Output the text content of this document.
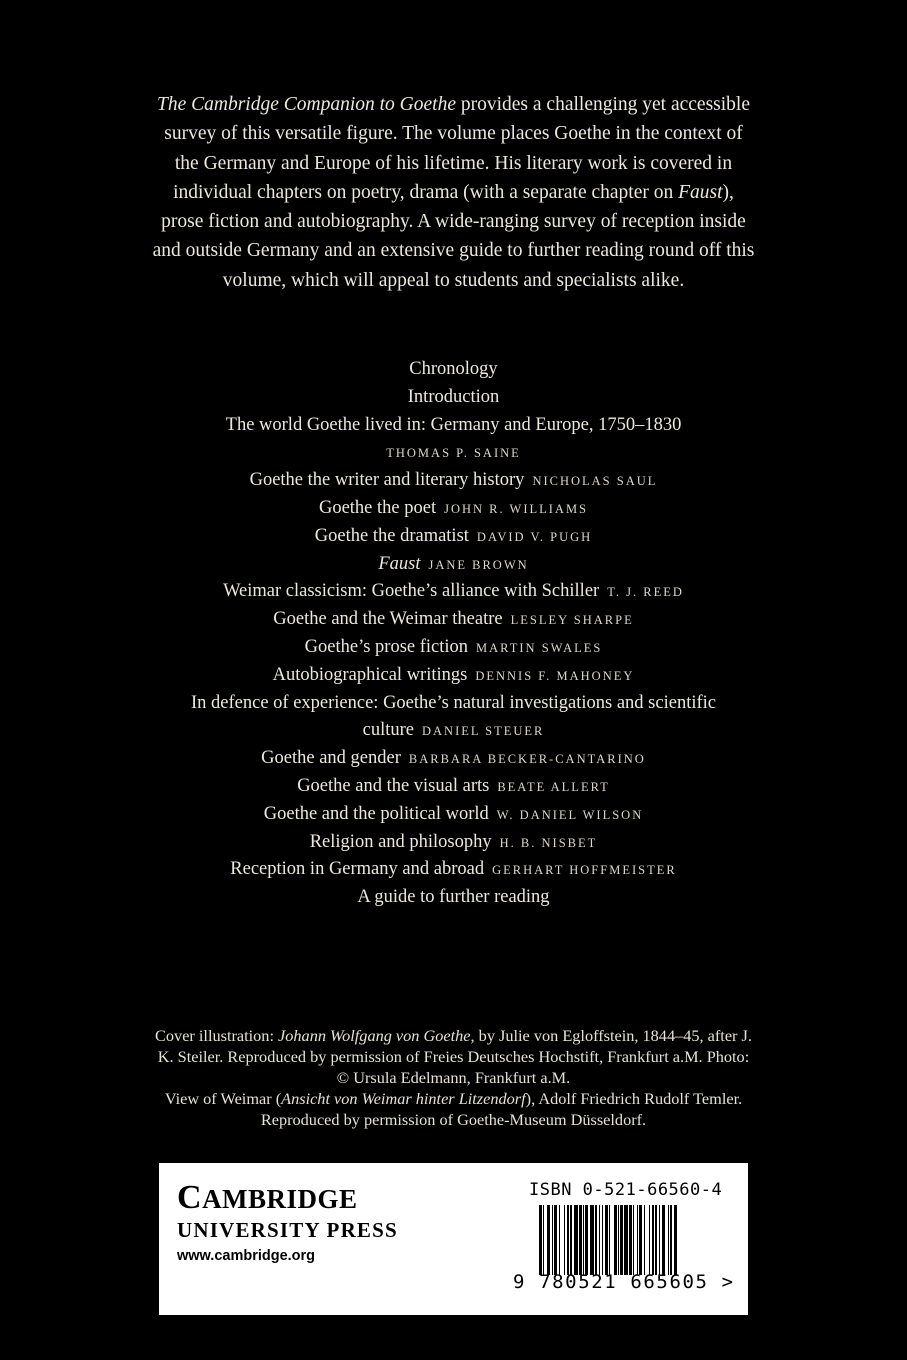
The Cambridge Companion to Goethe provides a challenging yet accessible survey of this versatile figure. The volume places Goethe in the context of the Germany and Europe of his lifetime. His literary work is covered in individual chapters on poetry, drama (with a separate chapter on Faust), prose fiction and autobiography. A wide-ranging survey of reception inside and outside Germany and an extensive guide to further reading round off this volume, which will appeal to students and specialists alike.
Chronology
Introduction
The world Goethe lived in: Germany and Europe, 1750–1830
THOMAS P. SAINE
Goethe the writer and literary history NICHOLAS SAUL
Goethe the poet JOHN R. WILLIAMS
Goethe the dramatist DAVID V. PUGH
Faust JANE BROWN
Weimar classicism: Goethe’s alliance with Schiller T. J. REED
Goethe and the Weimar theatre LESLEY SHARPE
Goethe’s prose fiction MARTIN SWALES
Autobiographical writings DENNIS F. MAHONEY
In defence of experience: Goethe’s natural investigations and scientific
culture DANIEL STEUER
Goethe and gender BARBARA BECKER-CANTARINO
Goethe and the visual arts BEATE ALLERT
Goethe and the political world W. DANIEL WILSON
Religion and philosophy H. B. NISBET
Reception in Germany and abroad GERHART HOFFMEISTER
A guide to further reading
Cover illustration: Johann Wolfgang von Goethe, by Julie von Egloffstein, 1844–45, after J. K. Steiler. Reproduced by permission of Freies Deutsches Hochstift, Frankfurt a.M. Photo: © Ursula Edelmann, Frankfurt a.M.
View of Weimar (Ansicht von Weimar hinter Litzendorf), Adolf Friedrich Rudolf Temler. Reproduced by permission of Goethe-Museum Düsseldorf.
CAMBRIDGE
UNIVERSITY PRESS
www.cambridge.org
ISBN 0-521-66560-4
9 780521 665605 >
